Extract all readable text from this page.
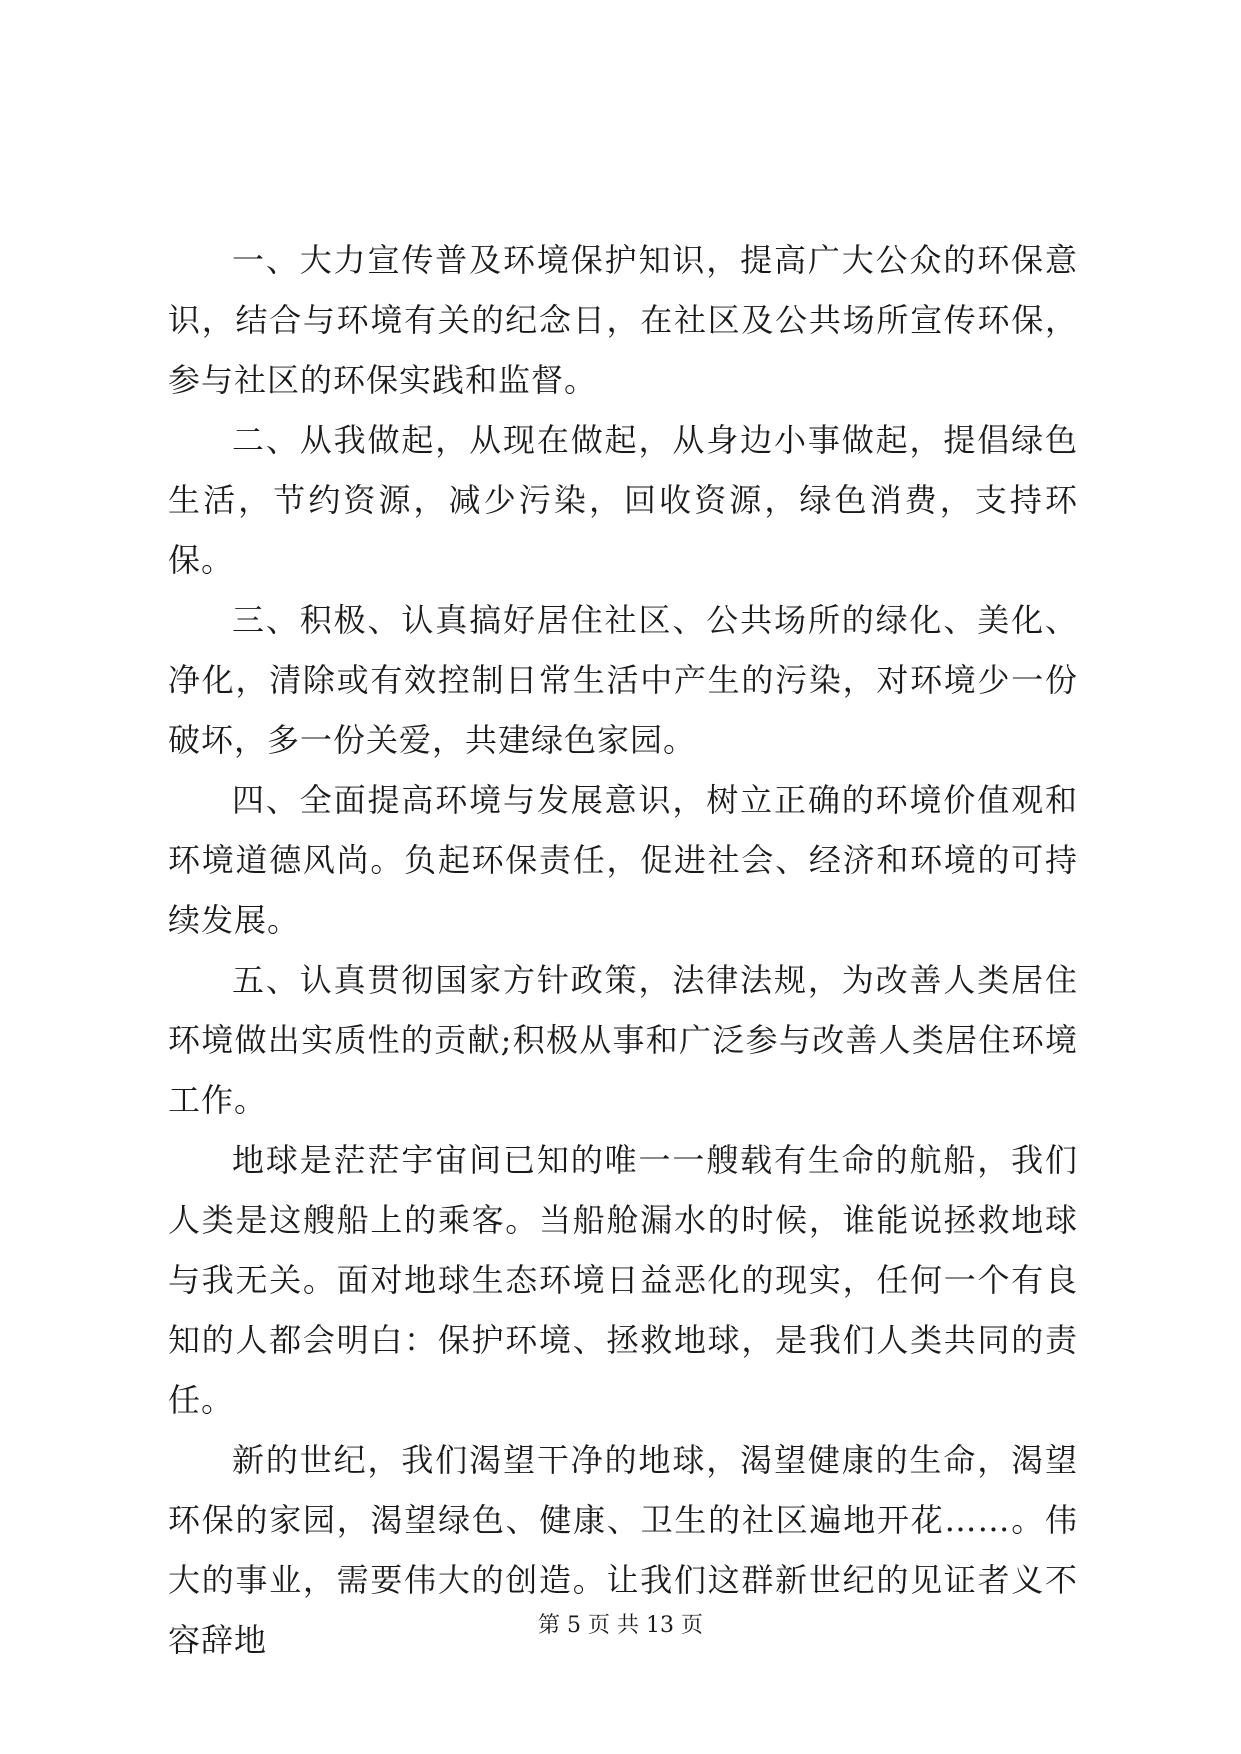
一、大力宣传普及环境保护知识，提高广大公众的环保意识，结合与环境有关的纪念日，在社区及公共场所宣传环保，参与社区的环保实践和监督。

二、从我做起，从现在做起，从身边小事做起，提倡绿色生活，节约资源，减少污染，回收资源，绿色消费，支持环保。

三、积极、认真搞好居住社区、公共场所的绿化、美化、净化，清除或有效控制日常生活中产生的污染，对环境少一份破坏，多一份关爱，共建绿色家园。

四、全面提高环境与发展意识，树立正确的环境价值观和环境道德风尚。负起环保责任，促进社会、经济和环境的可持续发展。

五、认真贯彻国家方针政策，法律法规，为改善人类居住环境做出实质性的贡献;积极从事和广泛参与改善人类居住环境工作。

地球是茫茫宇宙间已知的唯一一艘载有生命的航船，我们人类是这艘船上的乘客。当船舱漏水的时候，谁能说拯救地球与我无关。面对地球生态环境日益恶化的现实，任何一个有良知的人都会明白：保护环境、拯救地球，是我们人类共同的责任。

新的世纪，我们渴望干净的地球，渴望健康的生命，渴望环保的家园，渴望绿色、健康、卫生的社区遍地开花……。伟大的事业，需要伟大的创造。让我们这群新世纪的见证者义不容辞地	第 5 页 共 13 页
